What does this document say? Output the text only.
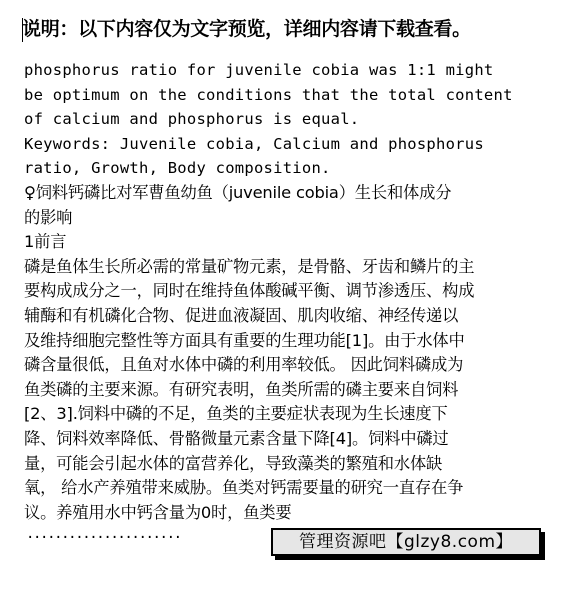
说明：以下内容仅为文字预览，详细内容请下载查看。

phosphorus ratio for juvenile cobia was 1:1 might

be optimum on the conditions that the total content

of calcium and phosphorus is equal.

Keywords: Juvenile cobia, Calcium and phosphorus

ratio, Growth, Body composition.

♀饲料钙磷比对军曹鱼幼鱼（juvenile cobia）生长和体成分

的影响

1前言

磷是鱼体生长所必需的常量矿物元素，是骨骼、牙齿和鳞片的主

要构成成分之一，同时在维持鱼体酸碱平衡、调节渗透压、构成

辅酶和有机磷化合物、促进血液凝固、肌肉收缩、神经传递以

及维持细胞完整性等方面具有重要的生理功能[1]。由于水体中

磷含量很低，且鱼对水体中磷的利用率较低。 因此饲料磷成为

鱼类磷的主要来源。有研究表明，鱼类所需的磷主要来自饲料

[2、3].饲料中磷的不足，鱼类的主要症状表现为生长速度下

降、饲料效率降低、骨骼微量元素含量下降[4]。饲料中磷过

量，可能会引起水体的富营养化，导致藻类的繁殖和水体缺

氧， 给水产养殖带来威胁。鱼类对钙需要量的研究一直存在争

议。养殖用水中钙含量为0时，鱼类要

······················	管理资源吧【glzy8.com】
